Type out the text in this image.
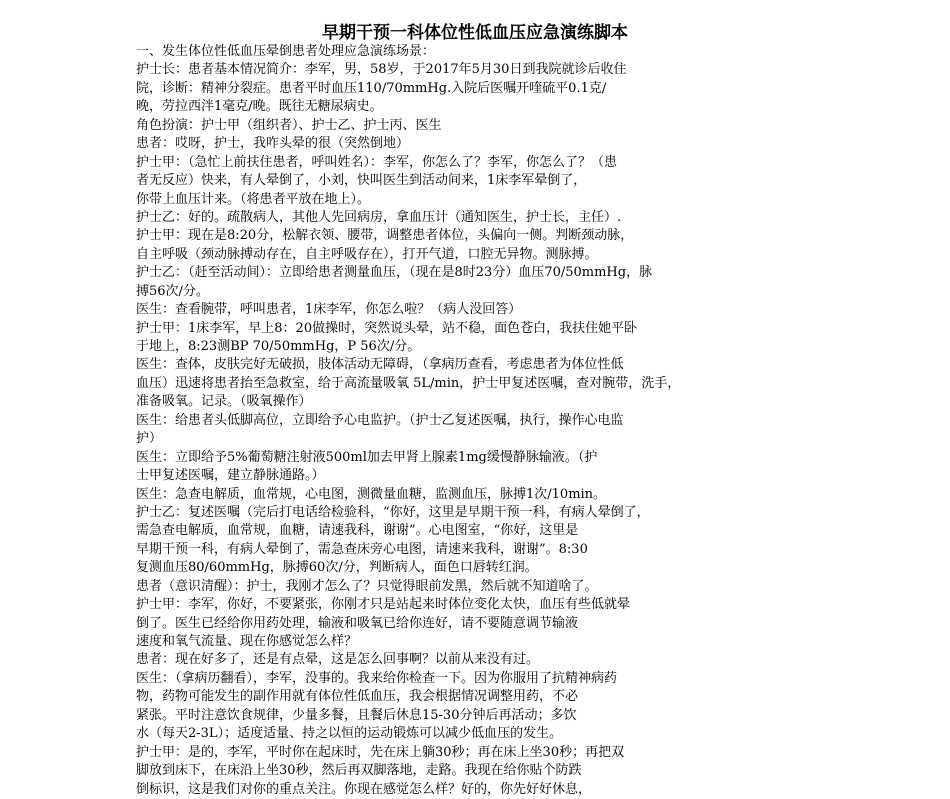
早期干预一科体位性低血压应急演练脚本
一、发生体位性低血压晕倒患者处理应急演练场景：
护士长：患者基本情况简介：李军，男，58岁，于2017年5月30日到我院就诊后收住
院，诊断：精神分裂症。患者平时血压110/70mmHg.入院后医嘱开喹硫平0.1克/
晚，劳拉西泮1毫克/晚。既往无糖尿病史。
角色扮演：护士甲（组织者）、护士乙、护士丙、医生
患者：哎呀，护士，我咋头晕的很（突然倒地）
护士甲：（急忙上前扶住患者，呼叫姓名）：李军，你怎么了？李军，你怎么了？（患
者无反应）快来，有人晕倒了，小刘，快叫医生到活动间来，1床李军晕倒了，
你带上血压计来。（将患者平放在地上）。
护士乙：好的。疏散病人，其他人先回病房，拿血压计（通知医生，护士长，主任）.
护士甲：现在是8:20分，松解衣领、腰带，调整患者体位，头偏向一侧。判断颈动脉，
自主呼吸（颈动脉搏动存在，自主呼吸存在），打开气道，口腔无异物。测脉搏。
护士乙：（赶至活动间）：立即给患者测量血压，（现在是8时23分）血压70/50mmHg，脉
搏56次/分。
医生：查看腕带，呼叫患者，1床李军，你怎么啦？（病人没回答）
护士甲：1床李军，早上8：20做操时，突然说头晕，站不稳，面色苍白，我扶住她平卧
于地上，8:23测BP 70/50mmHg，P 56次/分。
医生：查体，皮肤完好无破损，肢体活动无障碍，（拿病历查看，考虑患者为体位性低
血压）迅速将患者抬至急救室，给于高流量吸氧 5L/min，护士甲复述医嘱，查对腕带，洗手，
准备吸氧。记录。（吸氧操作）
医生：给患者头低脚高位，立即给予心电监护。（护士乙复述医嘱，执行，操作心电监
护）
医生：立即给予5%葡萄糖注射液500ml加去甲肾上腺素1mg缓慢静脉输液。（护
士甲复述医嘱，建立静脉通路。）
医生：急查电解质，血常规，心电图，测微量血糖，监测血压，脉搏1次/10min。
护士乙：复述医嘱（完后打电话给检验科，“你好，这里是早期干预一科，有病人晕倒了，
需急查电解质，血常规，血糖，请速我科，谢谢”。心电图室，“你好，这里是
早期干预一科，有病人晕倒了，需急查床旁心电图，请速来我科，谢谢”。8:30
复测血压80/60mmHg，脉搏60次/分，判断病人，面色口唇转红润。
患者（意识清醒）：护士，我刚才怎么了？只觉得眼前发黑，然后就不知道啥了。
护士甲：李军，你好，不要紧张，你刚才只是站起来时体位变化太快，血压有些低就晕
倒了。医生已经给你用药处理，输液和吸氧已给你连好，请不要随意调节输液
速度和氧气流量、现在你感觉怎么样？
患者：现在好多了，还是有点晕，这是怎么回事啊？以前从来没有过。
医生：（拿病历翻看），李军，没事的。我来给你检查一下。因为你服用了抗精神病药
物，药物可能发生的副作用就有体位性低血压，我会根据情况调整用药，不必
紧张。平时注意饮食规律，少量多餐，且餐后休息15-30分钟后再活动；多饮
水（每天2-3L）；适度适量、持之以恒的运动锻炼可以减少低血压的发生。
护士甲：是的，李军，平时你在起床时，先在床上躺30秒；再在床上坐30秒；再把双
脚放到床下，在床沿上坐30秒，然后再双脚落地，走路。我现在给你贴个防跌
倒标识，这是我们对你的重点关注。你现在感觉怎么样？好的，你先好好休息，
